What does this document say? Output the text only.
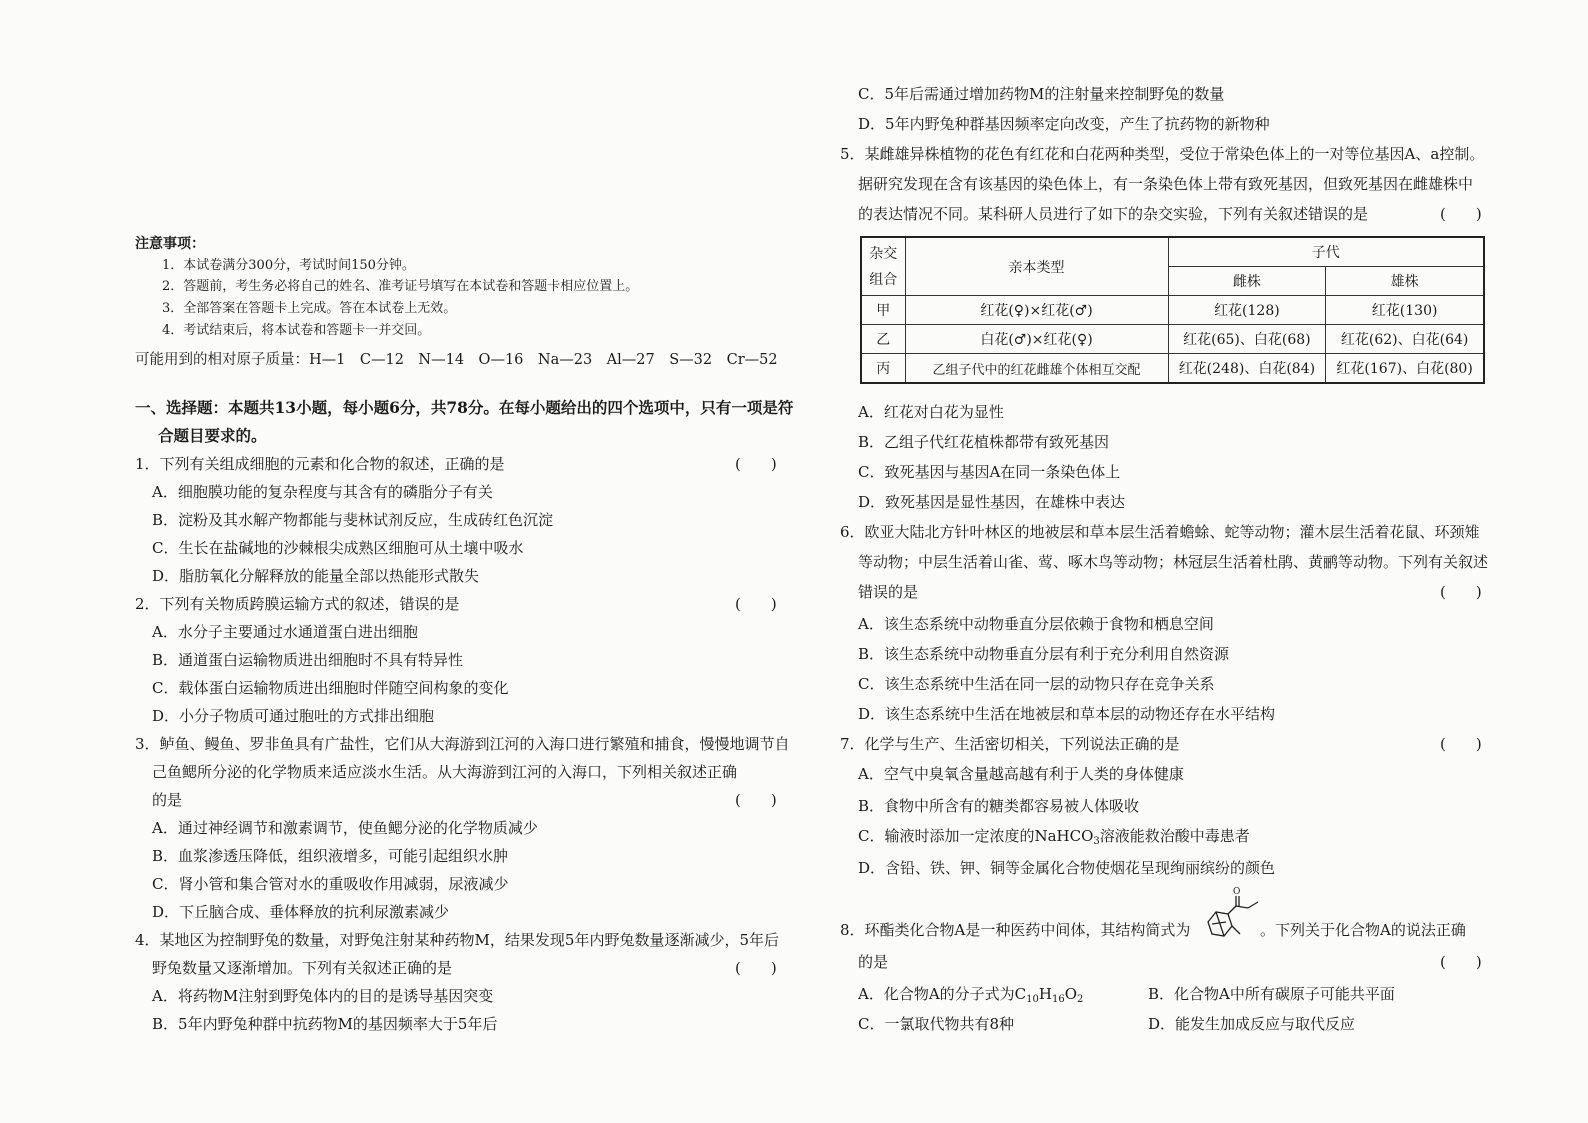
注意事项：
1．本试卷满分300分，考试时间150分钟。
2．答题前，考生务必将自己的姓名、准考证号填写在本试卷和答题卡相应位置上。
3．全部答案在答题卡上完成。答在本试卷上无效。
4．考试结束后，将本试卷和答题卡一并交回。
可能用到的相对原子质量：H—1　C—12　N—14　O—16　Na—23　Al—27　S—32　Cr—52
一、选择题：本题共13小题，每小题6分，共78分。在每小题给出的四个选项中，只有一项是符
合题目要求的。
1．下列有关组成细胞的元素和化合物的叙述，正确的是	(　　)
A．细胞膜功能的复杂程度与其含有的磷脂分子有关
B．淀粉及其水解产物都能与斐林试剂反应，生成砖红色沉淀
C．生长在盐碱地的沙棘根尖成熟区细胞可从土壤中吸水
D．脂肪氧化分解释放的能量全部以热能形式散失
2．下列有关物质跨膜运输方式的叙述，错误的是	(　　)
A．水分子主要通过水通道蛋白进出细胞
B．通道蛋白运输物质进出细胞时不具有特异性
C．载体蛋白运输物质进出细胞时伴随空间构象的变化
D．小分子物质可通过胞吐的方式排出细胞
3．鲈鱼、鳗鱼、罗非鱼具有广盐性，它们从大海游到江河的入海口进行繁殖和捕食，慢慢地调节自
己鱼鳃所分泌的化学物质来适应淡水生活。从大海游到江河的入海口，下列相关叙述正确
的是	(　　)
A．通过神经调节和激素调节，使鱼鳃分泌的化学物质减少
B．血浆渗透压降低，组织液增多，可能引起组织水肿
C．肾小管和集合管对水的重吸收作用减弱，尿液减少
D．下丘脑合成、垂体释放的抗利尿激素减少
4．某地区为控制野兔的数量，对野兔注射某种药物M，结果发现5年内野兔数量逐渐减少，5年后
野兔数量又逐渐增加。下列有关叙述正确的是	(　　)
A．将药物M注射到野兔体内的目的是诱导基因突变
B．5年内野兔种群中抗药物M的基因频率大于5年后
C．5年后需通过增加药物M的注射量来控制野兔的数量
D．5年内野兔种群基因频率定向改变，产生了抗药物的新物种
5．某雌雄异株植物的花色有红花和白花两种类型，受位于常染色体上的一对等位基因A、a控制。
据研究发现在含有该基因的染色体上，有一条染色体上带有致死基因，但致死基因在雌雄株中
的表达情况不同。某科研人员进行了如下的杂交实验，下列有关叙述错误的是	(　　)
杂交
组合	亲本类型	子代	
		雌株	雄株
甲	红花(♀)×红花(♂)	红花(128)	红花(130)
乙	白花(♂)×红花(♀)	红花(65)、白花(68)	红花(62)、白花(64)
丙	乙组子代中的红花雌雄个体相互交配	红花(248)、白花(84)	红花(167)、白花(80)
A．红花对白花为显性
B．乙组子代红花植株都带有致死基因
C．致死基因与基因A在同一条染色体上
D．致死基因是显性基因，在雄株中表达
6．欧亚大陆北方针叶林区的地被层和草本层生活着蟾蜍、蛇等动物；灌木层生活着花鼠、环颈雉
等动物；中层生活着山雀、莺、啄木鸟等动物；林冠层生活着杜鹃、黄鹂等动物。下列有关叙述
错误的是	(　　)
A．该生态系统中动物垂直分层依赖于食物和栖息空间
B．该生态系统中动物垂直分层有利于充分利用自然资源
C．该生态系统中生活在同一层的动物只存在竞争关系
D．该生态系统中生活在地被层和草本层的动物还存在水平结构
7．化学与生产、生活密切相关，下列说法正确的是	(　　)
A．空气中臭氧含量越高越有利于人类的身体健康
B．食物中所含有的糖类都容易被人体吸收
C．输液时添加一定浓度的NaHCO$_3$溶液能救治酸中毒患者
D．含铅、铁、钾、铜等金属化合物使烟花呈现绚丽缤纷的颜色
8．环酯类化合物A是一种医药中间体，其结构简式为
O
。下列关于化合物A的说法正确
的是	(　　)
A．化合物A的分子式为$C_{10}H_{16}O_2$	B．化合物A中所有碳原子可能共平面
C．一氯取代物共有8种	D．能发生加成反应与取代反应
